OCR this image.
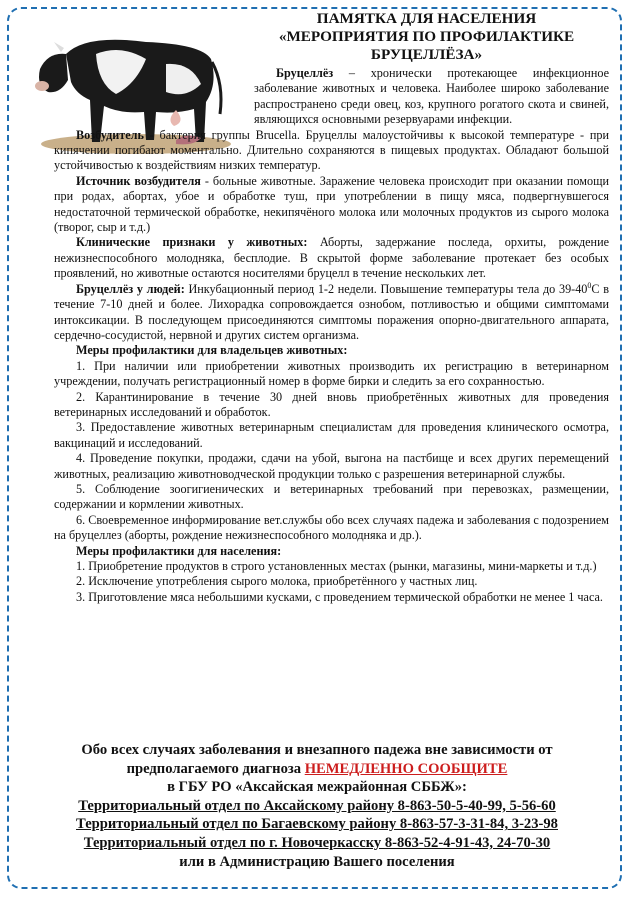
ПАМЯТКА ДЛЯ НАСЕЛЕНИЯ
«МЕРОПРИЯТИЯ ПО ПРОФИЛАКТИКЕ
БРУЦЕЛЛЁЗА»

Бруцеллёз – хронически протекающее инфекционное заболевание животных и человека. Наиболее широко заболевание распространено среди овец, коз, крупного рогатого скота и свиней, являющихся основными резервуарами инфекции.

Возбудитель - бактерия группы Brucella. Бруцеллы малоустойчивы к высокой температуре - при кипячении погибают моментально. Длительно сохраняются в пищевых продуктах. Обладают большой устойчивостью к воздействиям низких температур.

Источник возбудителя - больные животные. Заражение человека происходит при оказании помощи при родах, абортах, убое и обработке туш, при употреблении в пищу мяса, подвергнувшегося недостаточной термической обработке, некипячёного молока или молочных продуктов из сырого молока (творог, сыр и т.д.)

Клинические признаки у животных: Аборты, задержание последа, орхиты, рождение нежизнеспособного молодняка, бесплодие. В скрытой форме заболевание протекает без особых проявлений, но животные остаются носителями бруцелл в течение нескольких лет.

Бруцеллёз у людей: Инкубационный период 1-2 недели. Повышение температуры тела до $39-40^0С$ в течение 7-10 дней и более. Лихорадка сопровождается ознобом, потливостью и общими симптомами интоксикации. В последующем присоединяются симптомы поражения опорно-двигательного аппарата, сердечно-сосудистой, нервной и других систем организма.

Меры профилактики для владельцев животных:

1. При наличии или приобретении животных производить их регистрацию в ветеринарном учреждении, получать регистрационный номер в форме бирки и следить за его сохранностью.

2. Карантинирование в течение 30 дней вновь приобретённых животных для проведения ветеринарных исследований и обработок.

3. Предоставление животных ветеринарным специалистам для проведения клинического осмотра, вакцинаций и исследований.

4. Проведение покупки, продажи, сдачи на убой, выгона на пастбище и всех других перемещений животных, реализацию животноводческой продукции только с разрешения ветеринарной службы.

5. Соблюдение зоогигиенических и ветеринарных требований при перевозках, размещении, содержании и кормлении животных.

6. Своевременное информирование вет.службы обо всех случаях падежа и заболевания с подозрением на бруцеллез (аборты, рождение нежизнеспособного молодняка и др.).

Меры профилактики для населения:

1. Приобретение продуктов в строго установленных местах (рынки, магазины, мини-маркеты и т.д.)

2. Исключение употребления сырого молока, приобретённого у частных лиц.

3. Приготовление мяса небольшими кусками, с проведением термической обработки не менее 1 часа.

Обо всех случаях заболевания и внезапного падежа вне зависимости от
предполагаемого диагноза НЕМЕДЛЕННО СООБЩИТЕ
в ГБУ РО «Аксайская межрайонная СББЖ»:
Территориальный отдел по Аксайскому району 8-863-50-5-40-99, 5-56-60
Территориальный отдел по Багаевскому району 8-863-57-3-31-84, 3-23-98
Территориальный отдел по г. Новочеркасску 8-863-52-4-91-43, 24-70-30
или в Администрацию Вашего поселения
